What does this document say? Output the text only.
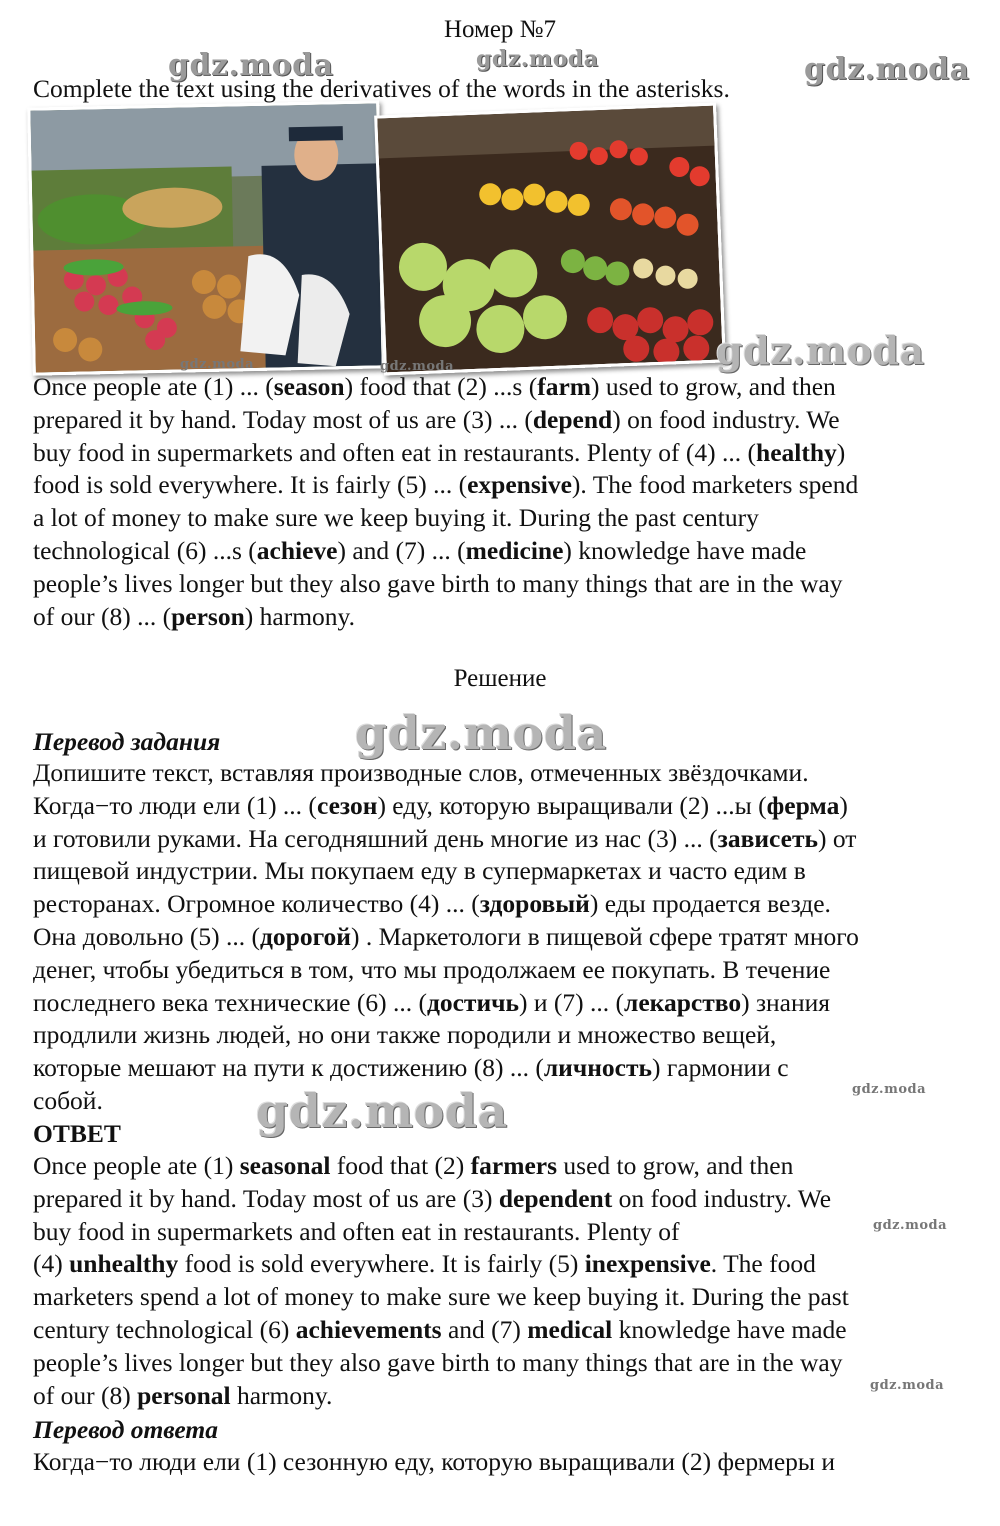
Номер №7
Complete the text using the derivatives of the words in the asterisks.
Once people ate (1) ... (season) food that (2) ...s (farm) used to grow, and then
prepared it by hand. Today most of us are (3) ... (depend) on food industry. We
buy food in supermarkets and often eat in restaurants. Plenty of (4) ... (healthy)
food is sold everywhere. It is fairly (5) ... (expensive). The food marketers spend
a lot of money to make sure we keep buying it. During the past century
technological (6) ...s (achieve) and (7) ... (medicine) knowledge have made
people’s lives longer but they also gave birth to many things that are in the way
of our (8) ... (person) harmony.
Решение
Перевод задания
Допишите текст, вставляя производные слов, отмеченных звёздочками.
Когда−то люди ели (1) ... (сезон) еду, которую выращивали (2) ...ы (ферма)
и готовили руками. На сегодняшний день многие из нас (3) ... (зависеть) от
пищевой индустрии. Мы покупаем еду в супермаркетах и часто едим в
ресторанах. Огромное количество (4) ... (здоровый) еды продается везде.
Она довольно (5) ... (дорогой) . Маркетологи в пищевой сфере тратят много
денег, чтобы убедиться в том, что мы продолжаем ее покупать. В течение
последнего века технические (6) ... (достичь) и (7) ... (лекарство) знания
продлили жизнь людей, но они также породили и множество вещей,
которые мешают на пути к достижению (8) ... (личность) гармонии с
собой.
ОТВЕТ
Once people ate (1) seasonal food that (2) farmers used to grow, and then
prepared it by hand. Today most of us are (3) dependent on food industry. We
buy food in supermarkets and often eat in restaurants. Plenty of
(4) unhealthy food is sold everywhere. It is fairly (5) inexpensive. The food
marketers spend a lot of money to make sure we keep buying it. During the past
century technological (6) achievements and (7) medical knowledge have made
people’s lives longer but they also gave birth to many things that are in the way
of our (8) personal harmony.
Перевод ответа
Когда−то люди ели (1) сезонную еду, которую выращивали (2) фермеры и
gdz.moda	gdz.moda	gdz.moda
gdz.moda	gdz.moda	gdz.moda
gdz.moda
gdz.moda
gdz.moda
gdz.moda
gdz.moda
